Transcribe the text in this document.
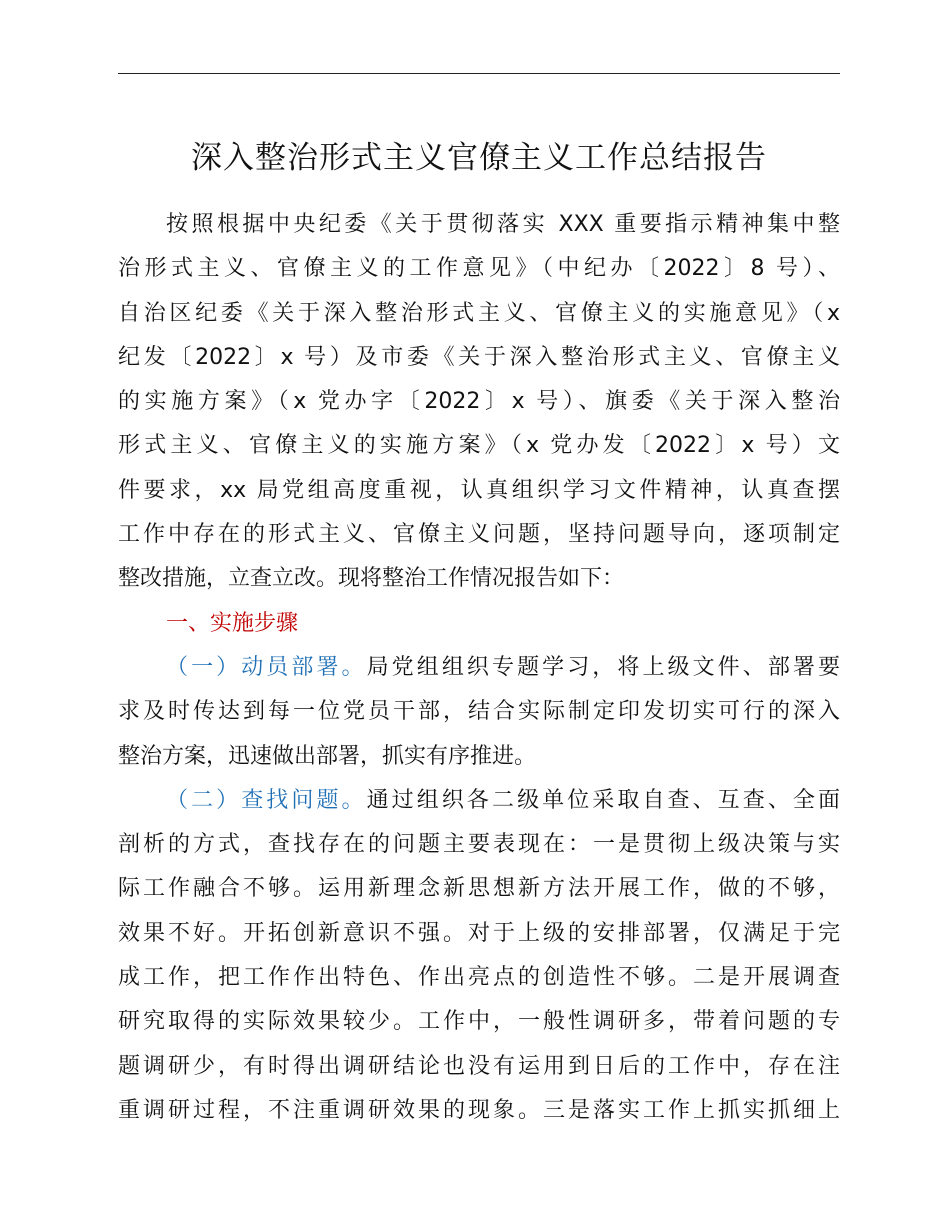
深入整治形式主义官僚主义工作总结报告
按照根据中央纪委《关于贯彻落实 XXX 重要指示精神集中整
治形式主义、官僚主义的工作意见》（中纪办〔2022〕8 号）、
自治区纪委《关于深入整治形式主义、官僚主义的实施意见》（x
纪发〔2022〕x 号）及市委《关于深入整治形式主义、官僚主义
的实施方案》（x 党办字〔2022〕x 号）、旗委《关于深入整治
形式主义、官僚主义的实施方案》（x 党办发〔2022〕x 号）文
件要求，xx 局党组高度重视，认真组织学习文件精神，认真查摆
工作中存在的形式主义、官僚主义问题，坚持问题导向，逐项制定
整改措施，立查立改。现将整治工作情况报告如下：
一、实施步骤
（一）动员部署。局党组组织专题学习，将上级文件、部署要
求及时传达到每一位党员干部，结合实际制定印发切实可行的深入
整治方案，迅速做出部署，抓实有序推进。
（二）查找问题。通过组织各二级单位采取自查、互查、全面
剖析的方式，查找存在的问题主要表现在：一是贯彻上级决策与实
际工作融合不够。运用新理念新思想新方法开展工作，做的不够，
效果不好。开拓创新意识不强。对于上级的安排部署，仅满足于完
成工作，把工作作出特色、作出亮点的创造性不够。二是开展调查
研究取得的实际效果较少。工作中，一般性调研多，带着问题的专
题调研少，有时得出调研结论也没有运用到日后的工作中，存在注
重调研过程，不注重调研效果的现象。三是落实工作上抓实抓细上
